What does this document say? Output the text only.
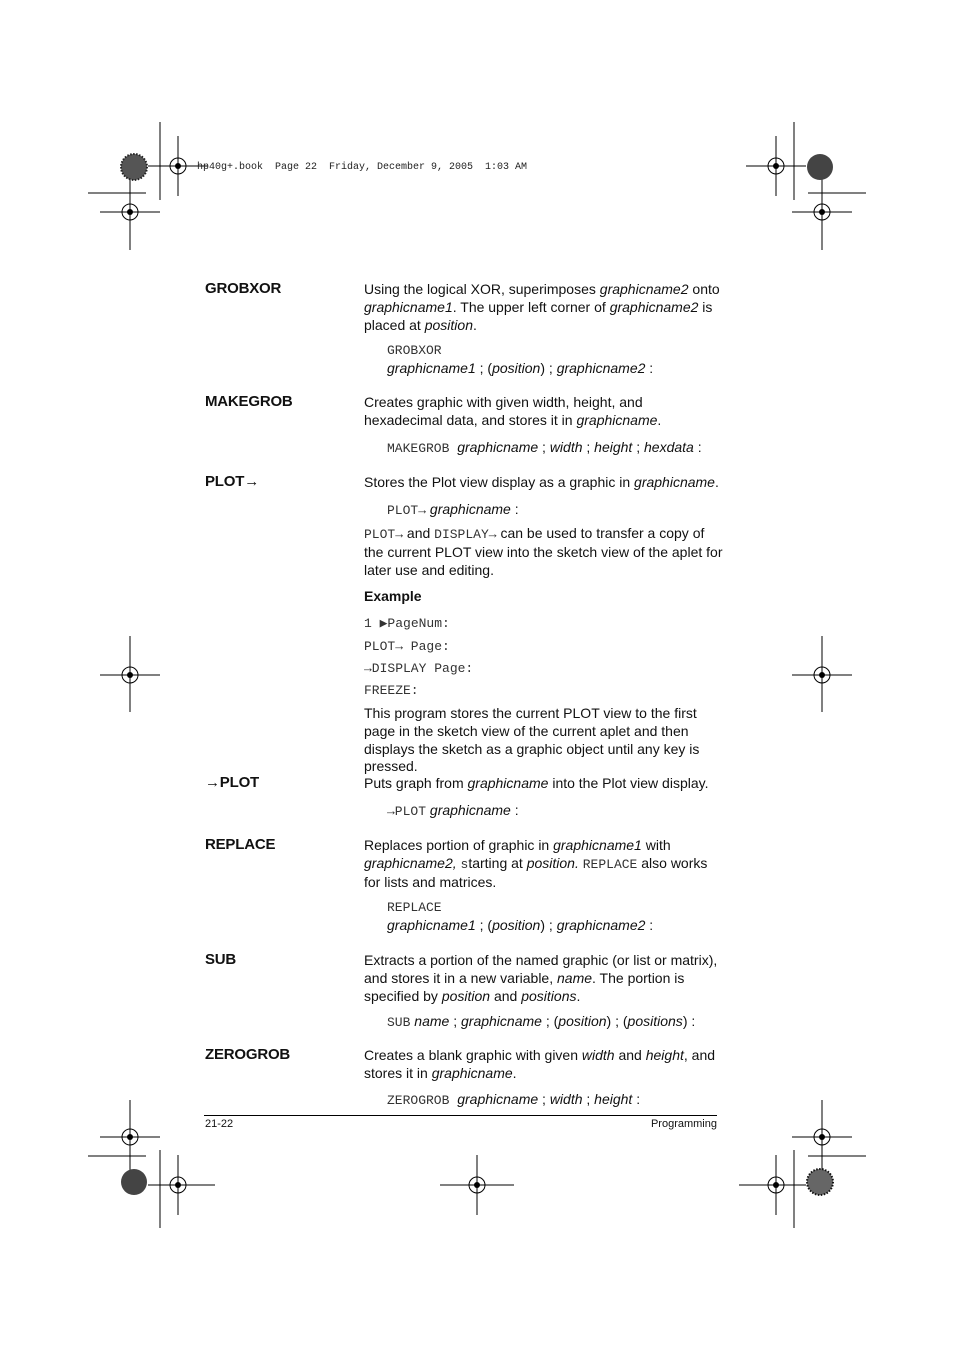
hp40g+.book  Page 22  Friday, December 9, 2005  1:03 AM
GROBXOR	Using the logical XOR, superimposes graphicname2 onto graphicname1. The upper left corner of graphicname2 is placed at position.
GROBXOR
graphicname1 ; (position) ; graphicname2 :
MAKEGROB	Creates graphic with given width, height, and hexadecimal data, and stores it in graphicname.
MAKEGROB graphicname ; width ; height ; hexdata :
PLOT→	Stores the Plot view display as a graphic in graphicname.
PLOT→ graphicname :
PLOT→ and DISPLAY→ can be used to transfer a copy of the current PLOT view into the sketch view of the aplet for later use and editing.
Example
1 ▶PageNum:
PLOT→ Page:
→DISPLAY Page:
FREEZE:
This program stores the current PLOT view to the first page in the sketch view of the current aplet and then displays the sketch as a graphic object until any key is pressed.
→PLOT	Puts graph from graphicname into the Plot view display.
→PLOT graphicname :
REPLACE	Replaces portion of graphic in graphicname1 with graphicname2, starting at position. REPLACE also works for lists and matrices.
REPLACE
graphicname1 ; (position) ; graphicname2 :
SUB	Extracts a portion of the named graphic (or list or matrix), and stores it in a new variable, name. The portion is specified by position and positions.
SUB name ; graphicname ; (position) ; (positions) :
ZEROGROB	Creates a blank graphic with given width and height, and stores it in graphicname.
ZEROGROB graphicname ; width ; height :
21-22	Programming
